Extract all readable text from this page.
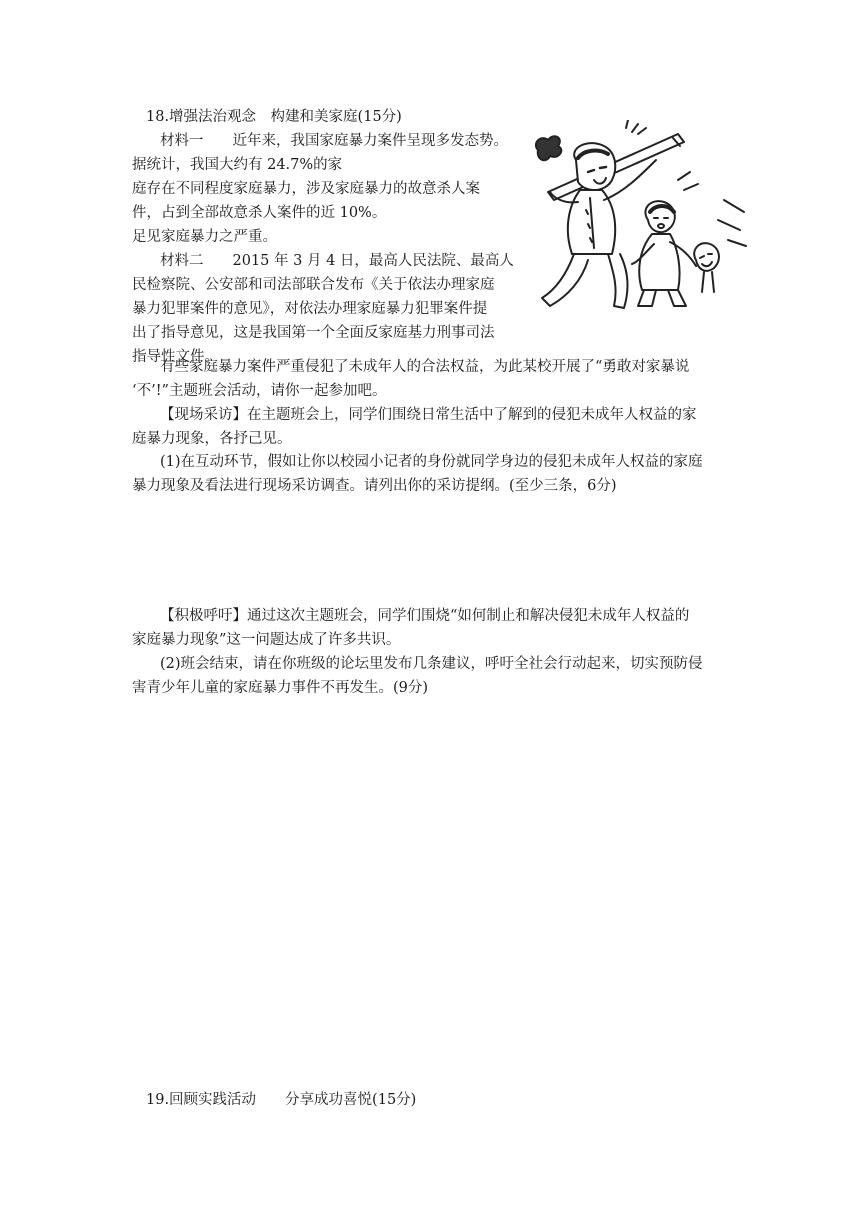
18.增强法治观念　构建和美家庭(15分)
材料一　　近年来，我国家庭暴力案件呈现多发态势。
据统计，我国大约有 24.7%的家
庭存在不同程度家庭暴力，涉及家庭暴力的故意杀人案
件，占到全部故意杀人案件的近 10%。
足见家庭暴力之严重。
材料二　　2015 年 3 月 4 日，最高人民法院、最高人
民检察院、公安部和司法部联合发布《关于依法办理家庭
暴力犯罪案件的意见》，对依法办理家庭暴力犯罪案件提
出了指导意见，这是我国第一个全面反家庭基力刑事司法
指导性文件。
有些家庭暴力案件严重侵犯了未成年人的合法权益，为此某校开展了“勇敢对家暴说
‘不’!”主题班会活动，请你一起参加吧。
【现场采访】在主题班会上，同学们围绕日常生活中了解到的侵犯未成年人权益的家
庭暴力现象，各抒己见。
(1)在互动环节，假如让你以校园小记者的身份就同学身边的侵犯未成年人权益的家庭
暴力现象及看法进行现场采访调查。请列出你的采访提纲。(至少三条，6分)
【积极呼吁】通过这次主题班会，同学们围烧“如何制止和解决侵犯未成年人权益的
家庭暴力现象”这一问题达成了许多共识。
(2)班会结束，请在你班级的论坛里发布几条建议，呼吁全社会行动起来，切实预防侵
害青少年儿童的家庭暴力事件不再发生。(9分)
19.回顾实践活动　　分享成功喜悦(15分)
